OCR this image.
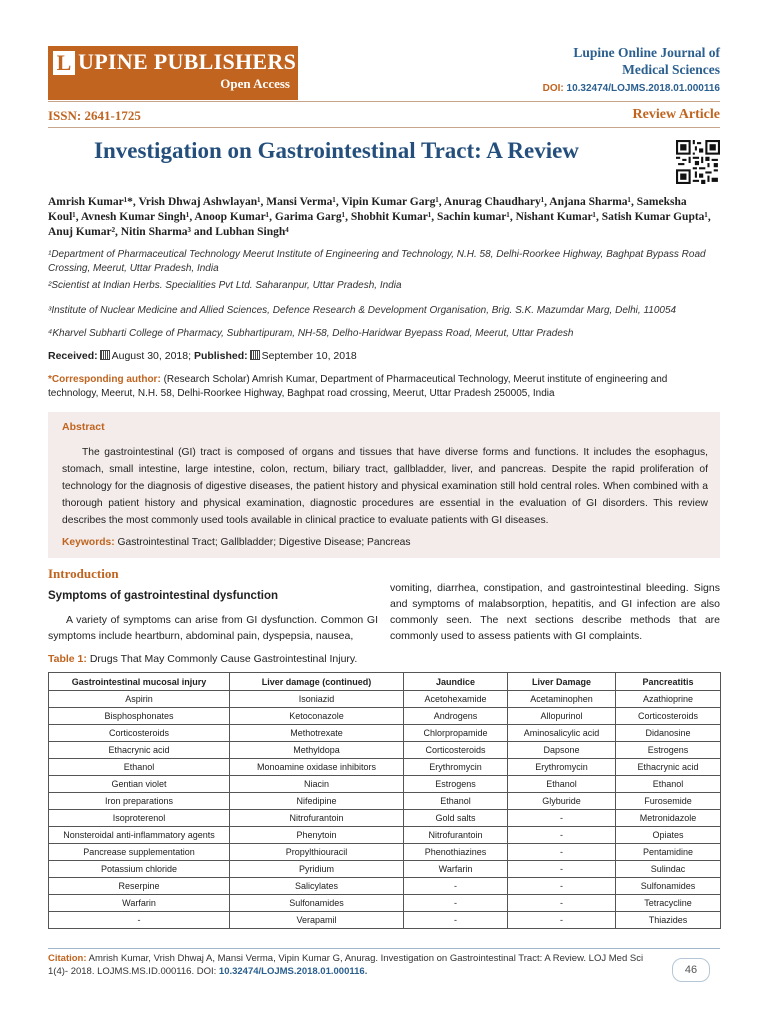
L UPINE PUBLISHERS
Open Access
Lupine Online Journal of
Medical Sciences
DOI: 10.32474/LOJMS.2018.01.000116
ISSN: 2641-1725	Review Article
Investigation on Gastrointestinal Tract: A Review
Amrish Kumar¹*, Vrish Dhwaj Ashwlayan¹, Mansi Verma¹, Vipin Kumar Garg¹, Anurag Chaudhary¹, Anjana Sharma¹, Sameksha Koul¹, Avnesh Kumar Singh¹, Anoop Kumar¹, Garima Garg¹, Shobhit Kumar¹, Sachin kumar¹, Nishant Kumar¹, Satish Kumar Gupta¹, Anuj Kumar², Nitin Sharma³ and Lubhan Singh⁴
¹Department of Pharmaceutical Technology Meerut Institute of Engineering and Technology, N.H. 58, Delhi-Roorkee Highway, Baghpat Bypass Road Crossing, Meerut, Uttar Pradesh, India
²Scientist at Indian Herbs. Specialities Pvt Ltd. Saharanpur, Uttar Pradesh, India
³Institute of Nuclear Medicine and Allied Sciences, Defence Research & Development Organisation, Brig. S.K. Mazumdar Marg, Delhi, 110054
⁴Kharvel Subharti College of Pharmacy, Subhartipuram, NH-58, Delho-Haridwar Byepass Road, Meerut, Uttar Pradesh
Received: August 30, 2018; Published: September 10, 2018
*Corresponding author: (Research Scholar) Amrish Kumar, Department of Pharmaceutical Technology, Meerut institute of engineering and technology, Meerut, N.H. 58, Delhi-Roorkee Highway, Baghpat road crossing, Meerut, Uttar Pradesh 250005, India
Abstract
The gastrointestinal (GI) tract is composed of organs and tissues that have diverse forms and functions. It includes the esophagus, stomach, small intestine, large intestine, colon, rectum, biliary tract, gallbladder, liver, and pancreas. Despite the rapid proliferation of technology for the diagnosis of digestive diseases, the patient history and physical examination still hold central roles. When combined with a thorough patient history and physical examination, diagnostic procedures are essential in the evaluation of GI disorders. This review describes the most commonly used tools available in clinical practice to evaluate patients with GI diseases.
Keywords: Gastrointestinal Tract; Gallbladder; Digestive Disease; Pancreas
Introduction
Symptoms of gastrointestinal dysfunction
A variety of symptoms can arise from GI dysfunction. Common GI symptoms include heartburn, abdominal pain, dyspepsia, nausea,
vomiting, diarrhea, constipation, and gastrointestinal bleeding. Signs and symptoms of malabsorption, hepatitis, and GI infection are also commonly seen. The next sections describe methods that are commonly used to assess patients with GI complaints.
Table 1: Drugs That May Commonly Cause Gastrointestinal Injury.
Gastrointestinal mucosal injury	Liver damage (continued)	Jaundice	Liver Damage	Pancreatitis
Aspirin	Isoniazid	Acetohexamide	Acetaminophen	Azathioprine
Bisphosphonates	Ketoconazole	Androgens	Allopurinol	Corticosteroids
Corticosteroids	Methotrexate	Chlorpropamide	Aminosalicylic acid	Didanosine
Ethacrynic acid	Methyldopa	Corticosteroids	Dapsone	Estrogens
Ethanol	Monoamine oxidase inhibitors	Erythromycin	Erythromycin	Ethacrynic acid
Gentian violet	Niacin	Estrogens	Ethanol	Ethanol
Iron preparations	Nifedipine	Ethanol	Glyburide	Furosemide
Isoproterenol	Nitrofurantoin	Gold salts	-	Metronidazole
Nonsteroidal anti-inflammatory agents	Phenytoin	Nitrofurantoin	-	Opiates
Pancrease supplementation	Propylthiouracil	Phenothiazines	-	Pentamidine
Potassium chloride	Pyridium	Warfarin	-	Sulindac
Reserpine	Salicylates	-	-	Sulfonamides
Warfarin	Sulfonamides	-	-	Tetracycline
-	Verapamil	-	-	Thiazides
Citation: Amrish Kumar, Vrish Dhwaj A, Mansi Verma, Vipin Kumar G, Anurag. Investigation on Gastrointestinal Tract: A Review. LOJ Med Sci 1(4)- 2018. LOJMS.MS.ID.000116. DOI: 10.32474/LOJMS.2018.01.000116.	46
